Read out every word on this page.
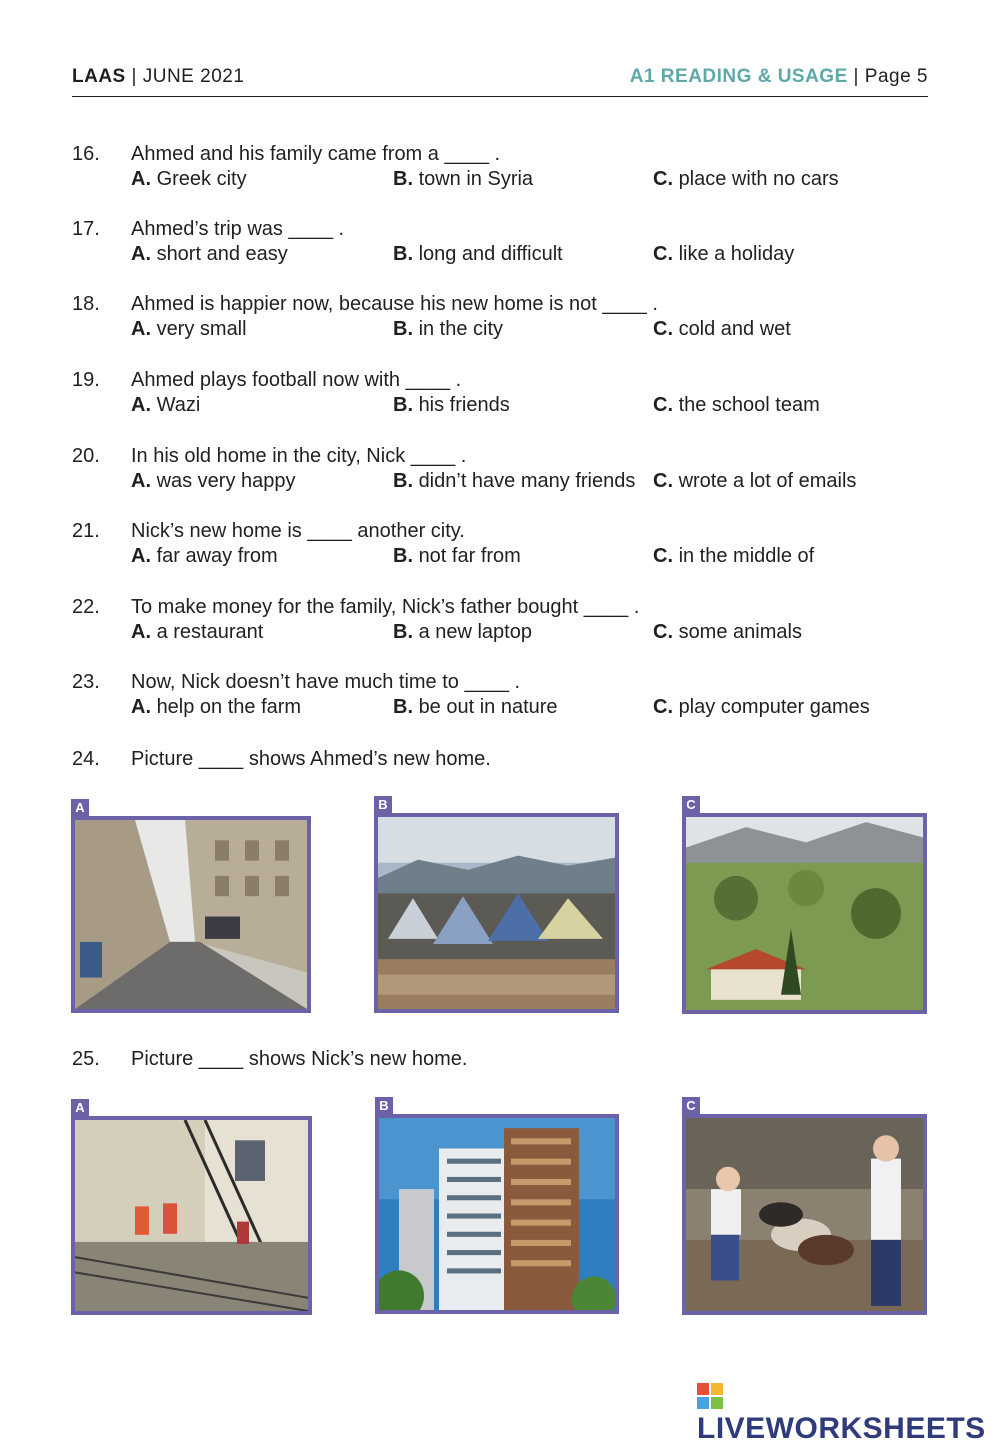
LAAS | JUNE 2021	A1 READING & USAGE | Page 5
16. Ahmed and his family came from a ____ .
A. Greek city	B. town in Syria	C. place with no cars
17. Ahmed’s trip was ____ .
A. short and easy	B. long and difficult	C. like a holiday
18. Ahmed is happier now, because his new home is not ____ .
A. very small	B. in the city	C. cold and wet
19. Ahmed plays football now with ____ .
A. Wazi	B. his friends	C. the school team
20. In his old home in the city, Nick ____ .
A. was very happy	B. didn’t have many friends C. wrote a lot of emails
21. Nick’s new home is ____ another city.
A. far away from	B. not far from	C. in the middle of
22. To make money for the family, Nick’s father bought ____ .
A. a restaurant	B. a new laptop	C. some animals
23. Now, Nick doesn’t have much time to ____ .
A. help on the farm	B. be out in nature	C. play computer games
24. Picture ____ shows Ahmed’s new home.
A	B	C
25. Picture ____ shows Nick’s new home.
A	B	C
LIVEWORKSHEETS
